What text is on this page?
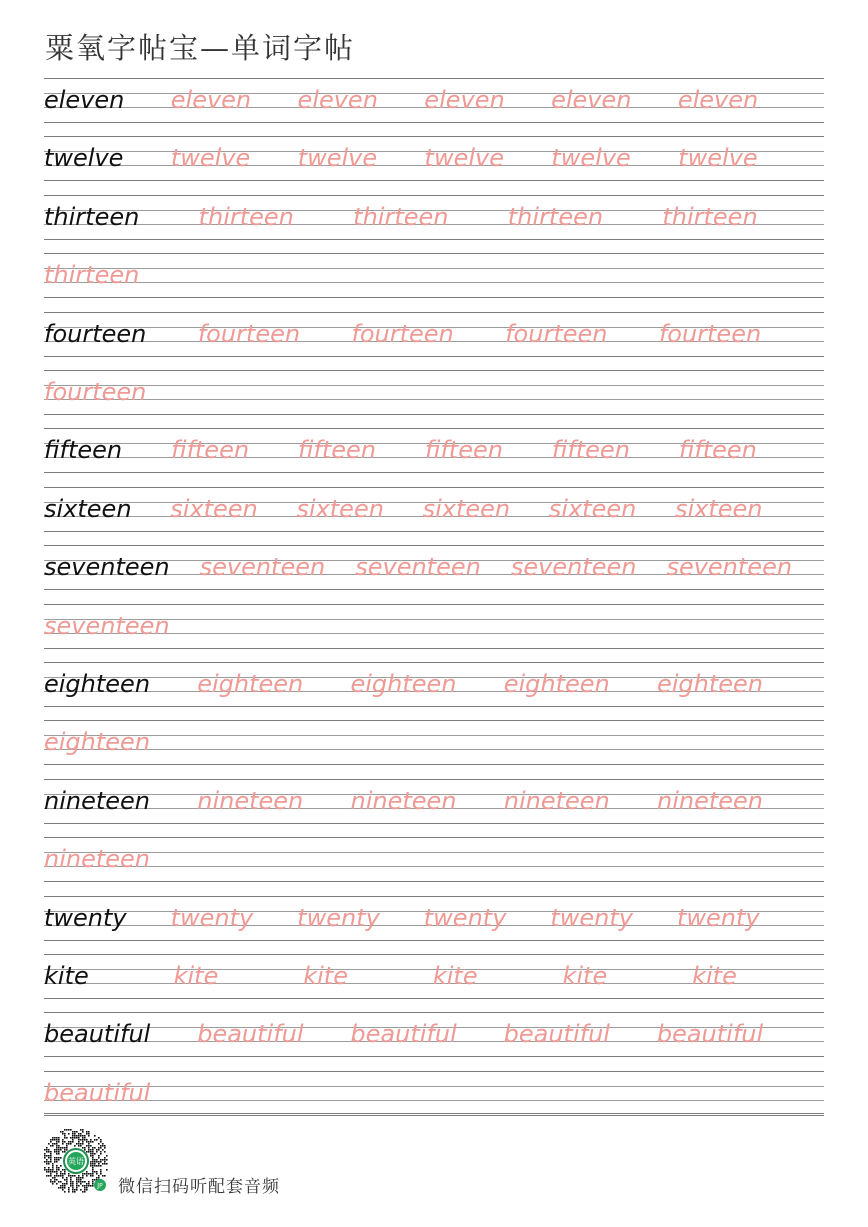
粟氧字帖宝—单词字帖
eleven eleven eleven eleven eleven eleven
twelve twelve twelve twelve twelve twelve
thirteen thirteen thirteen thirteen thirteen
thirteen
fourteen fourteen fourteen fourteen fourteen
fourteen
fifteen fifteen fifteen fifteen fifteen fifteen
sixteen sixteen sixteen sixteen sixteen sixteen
seventeen seventeen seventeen seventeen seventeen
seventeen
eighteen eighteen eighteen eighteen eighteen
eighteen
nineteen nineteen nineteen nineteen nineteen
nineteen
twenty twenty twenty twenty twenty twenty
kite	kite	kite	kite	kite	kite
beautiful beautiful beautiful beautiful beautiful
beautiful
英语
JP 微信扫码听配套音频
